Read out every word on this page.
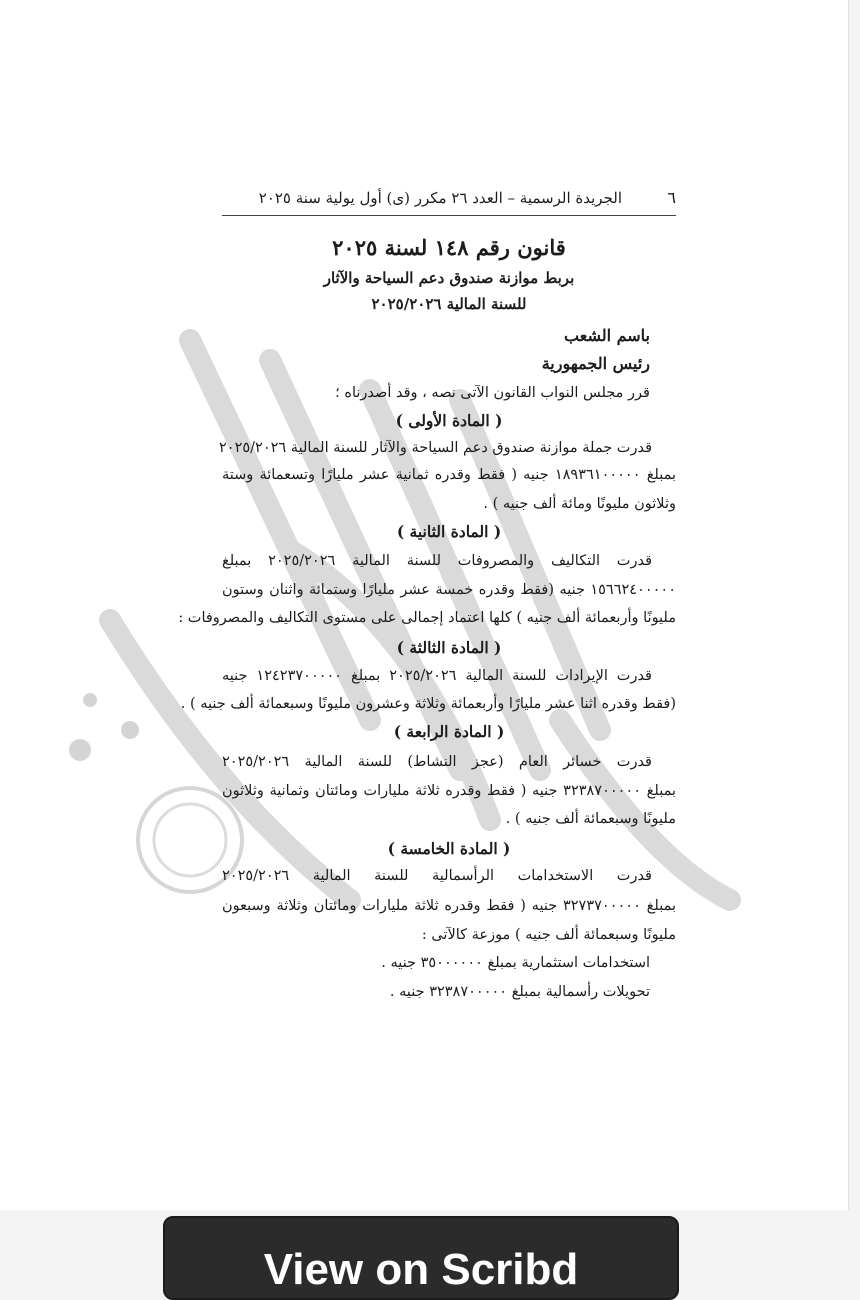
٦
الجريدة الرسمية – العدد ٢٦ مكرر (ى) أول يولية سنة ٢٠٢٥
قانون رقم ١٤٨ لسنة ٢٠٢٥
بربط موازنة صندوق دعم السياحة والآثار
للسنة المالية ٢٠٢٥/٢٠٢٦
باسم الشعب
رئيس الجمهورية
قرر مجلس النواب القانون الآتى نصه ، وقد أصدرناه ؛
( المادة الأولى )
قدرت جملة موازنة صندوق دعم السياحة والآثار للسنة المالية ٢٠٢٥/٢٠٢٦
بمبلغ ١٨٩٣٦١٠٠٠٠٠ جنيه ( فقط وقدره ثمانية عشر مليارًا وتسعمائة وستة
وثلاثون مليونًا ومائة ألف جنيه ) .
( المادة الثانية )
قدرت التكاليف والمصروفات للسنة المالية ٢٠٢٥/٢٠٢٦ بمبلغ
١٥٦٦٢٤٠٠٠٠٠ جنيه (فقط وقدره خمسة عشر مليارًا وستمائة واثنان وستون
مليونًا وأربعمائة ألف جنيه ) كلها اعتماد إجمالى على مستوى التكاليف والمصروفات :
( المادة الثالثة )
قدرت الإيرادات للسنة المالية ٢٠٢٥/٢٠٢٦ بمبلغ ١٢٤٢٣٧٠٠٠٠٠ جنيه
(فقط وقدره اثنا عشر مليارًا وأربعمائة وثلاثة وعشرون مليونًا وسبعمائة ألف جنيه ) .
( المادة الرابعة )
قدرت خسائر العام (عجز النشاط) للسنة المالية ٢٠٢٥/٢٠٢٦
بمبلغ ٣٢٣٨٧٠٠٠٠٠ جنيه ( فقط وقدره ثلاثة مليارات ومائتان وثمانية وثلاثون
مليونًا وسبعمائة ألف جنيه ) .
( المادة الخامسة )
قدرت الاستخدامات الرأسمالية للسنة المالية ٢٠٢٥/٢٠٢٦
بمبلغ ٣٢٧٣٧٠٠٠٠٠ جنيه ( فقط وقدره ثلاثة مليارات ومائتان وثلاثة وسبعون
مليونًا وسبعمائة ألف جنيه ) موزعة كالآتى :
استخدامات استثمارية بمبلغ ٣٥٠٠٠٠٠٠ جنيه .
تحويلات رأسمالية بمبلغ ٣٢٣٨٧٠٠٠٠٠ جنيه .
View on Scribd
